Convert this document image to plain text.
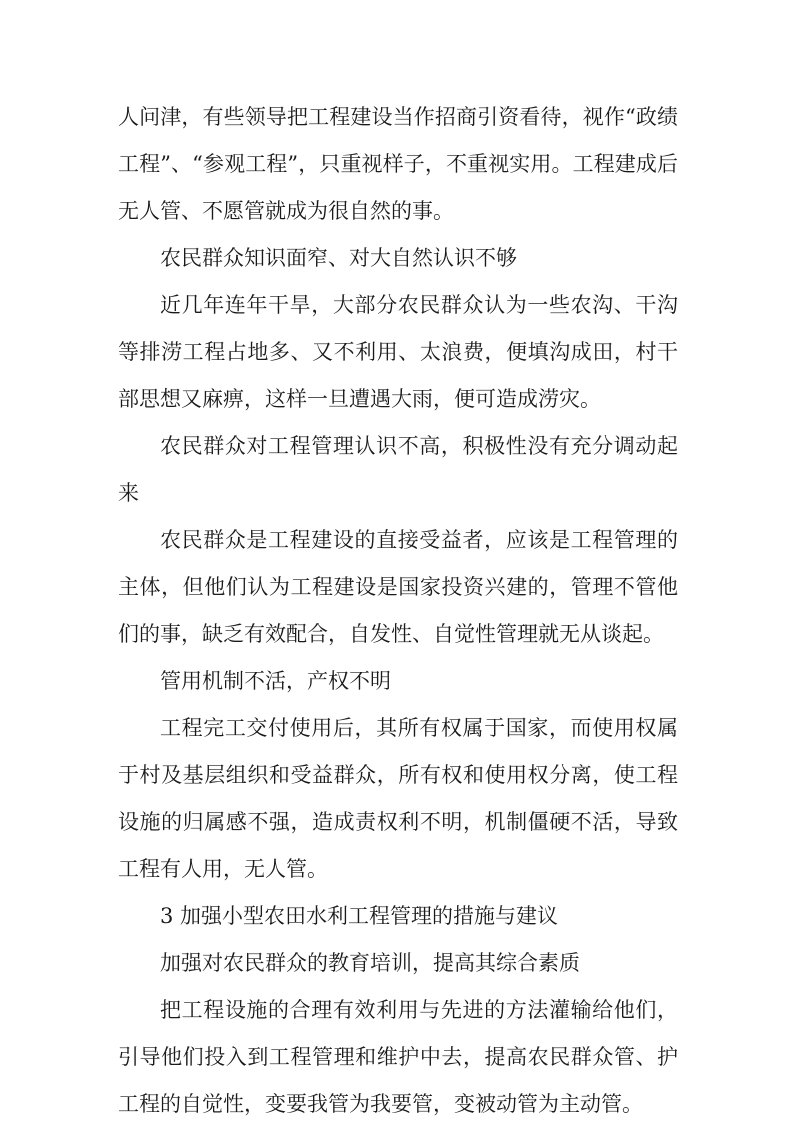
人问津，有些领导把工程建设当作招商引资看待，视作“政绩工程”、“参观工程”，只重视样子，不重视实用。工程建成后无人管、不愿管就成为很自然的事。

农民群众知识面窄、对大自然认识不够

近几年连年干旱，大部分农民群众认为一些农沟、干沟等排涝工程占地多、又不利用、太浪费，便填沟成田，村干部思想又麻痹，这样一旦遭遇大雨，便可造成涝灾。

农民群众对工程管理认识不高，积极性没有充分调动起来

农民群众是工程建设的直接受益者，应该是工程管理的主体，但他们认为工程建设是国家投资兴建的，管理不管他们的事，缺乏有效配合，自发性、自觉性管理就无从谈起。

管用机制不活，产权不明

工程完工交付使用后，其所有权属于国家，而使用权属于村及基层组织和受益群众，所有权和使用权分离，使工程设施的归属感不强，造成责权利不明，机制僵硬不活，导致工程有人用，无人管。

3 加强小型农田水利工程管理的措施与建议

加强对农民群众的教育培训，提高其综合素质

把工程设施的合理有效利用与先进的方法灌输给他们，引导他们投入到工程管理和维护中去，提高农民群众管、护工程的自觉性，变要我管为我要管，变被动管为主动管。
